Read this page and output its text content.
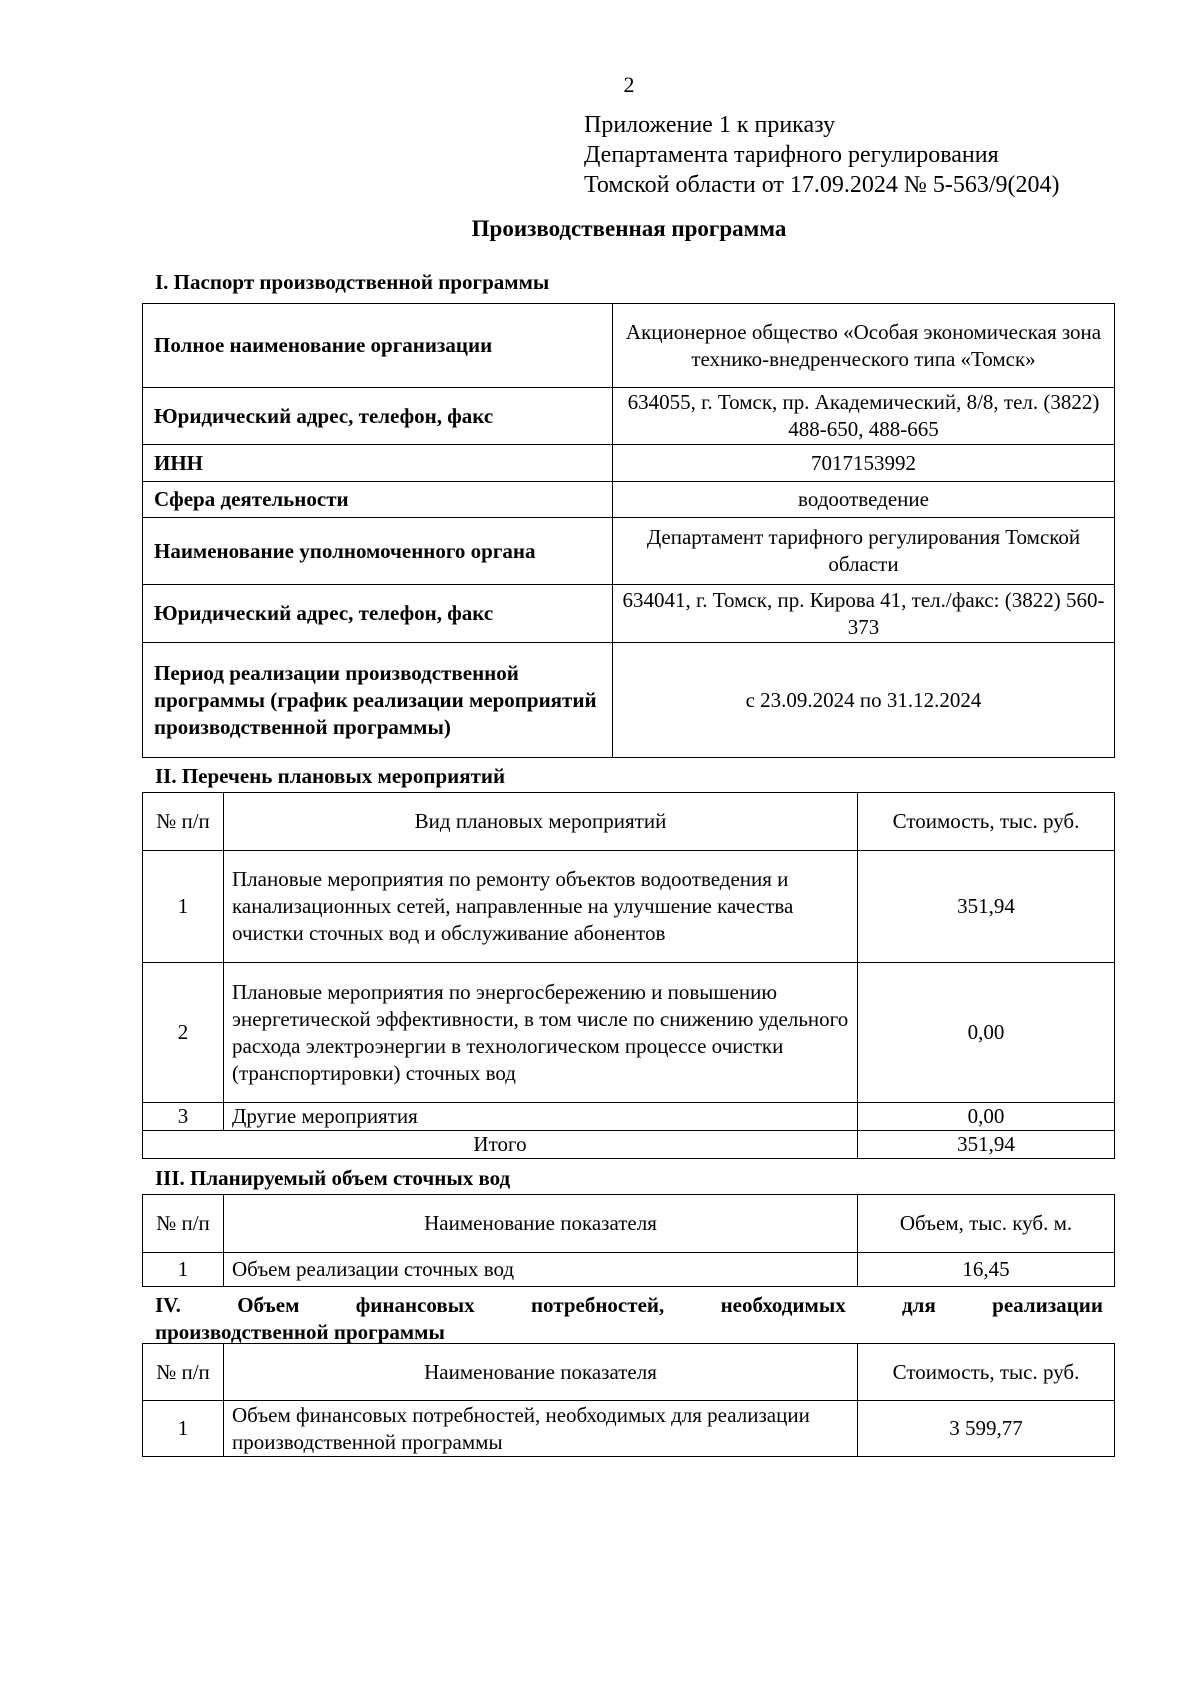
2
Приложение 1 к приказу
Департамента тарифного регулирования
Томской области от 17.09.2024 № 5-563/9(204)
Производственная программа
I. Паспорт производственной программы
Полное наименование организации	Акционерное общество «Особая экономическая зона технико-внедренческого типа «Томск»
Юридический адрес, телефон, факс	634055, г. Томск, пр. Академический, 8/8, тел. (3822) 488-650, 488-665
ИНН	7017153992
Сфера деятельности	водоотведение
Наименование уполномоченного органа	Департамент тарифного регулирования Томской области
Юридический адрес, телефон, факс	634041, г. Томск, пр. Кирова 41, тел./факс: (3822) 560-373
Период реализации производственной программы (график реализации мероприятий производственной программы)	с 23.09.2024 по 31.12.2024
II. Перечень плановых мероприятий
№ п/п	Вид плановых мероприятий	Стоимость, тыс. руб.
1	Плановые мероприятия по ремонту объектов водоотведения и канализационных сетей, направленные на улучшение качества очистки сточных вод и обслуживание абонентов	351,94
2	Плановые мероприятия по энергосбережению и повышению энергетической эффективности, в том числе по снижению удельного расхода электроэнергии в технологическом процессе очистки (транспортировки) сточных вод	0,00
3	Другие мероприятия	0,00
Итого		351,94
III. Планируемый объем сточных вод
№ п/п	Наименование показателя	Объем, тыс. куб. м.
1	Объем реализации сточных вод	16,45
IV.	Объем	финансовых	потребностей,	необходимых	для	реализации
производственной программы
№ п/п	Наименование показателя	Стоимость, тыс. руб.
1	Объем финансовых потребностей, необходимых для реализации производственной программы	3 599,77
